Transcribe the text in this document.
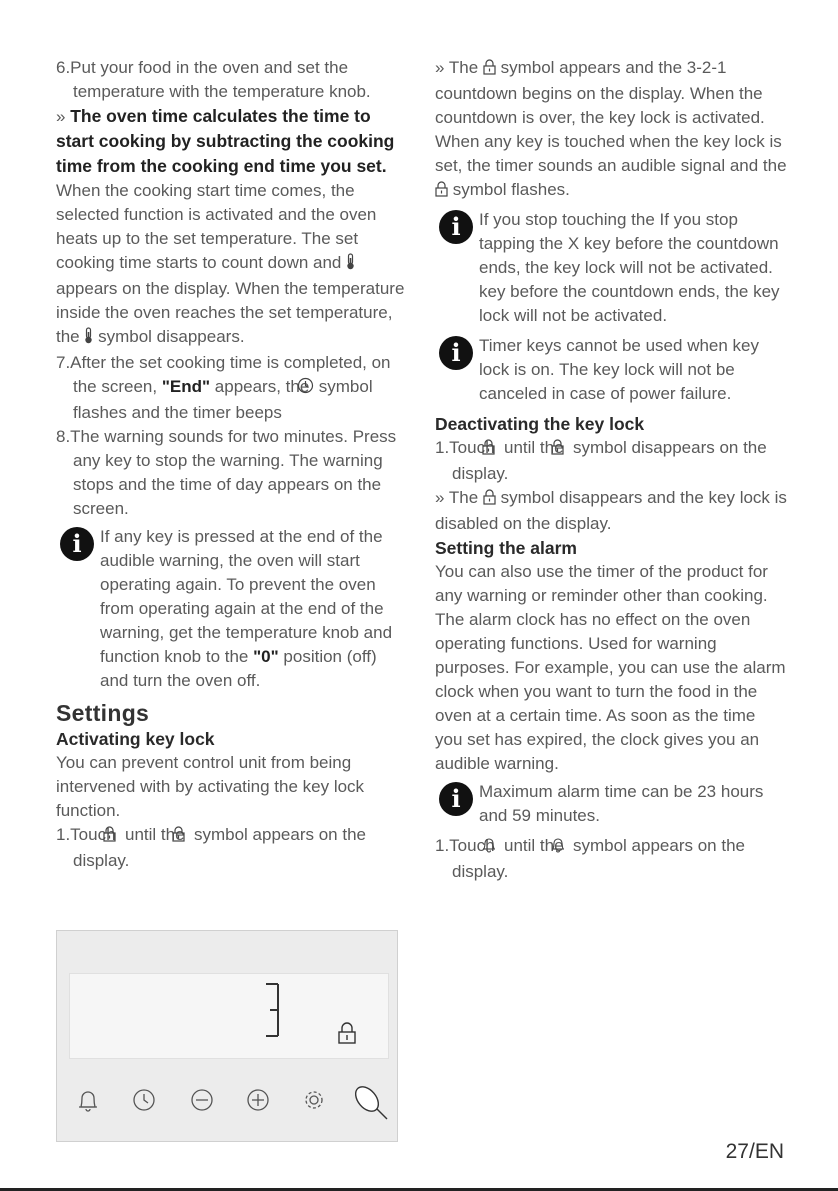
6.Put your food in the oven and set the temperature with the temperature knob.

» The oven time calculates the time to start cooking by subtracting the cooking time from the cooking end time you set. When the cooking start time comes, the selected function is activated and the oven heats up to the set temperature. The set cooking time starts to count down and  appears on the display. When the temperature inside the oven reaches the set temperature, the  symbol disappears.

7.After the set cooking time is completed, on the screen, "End" appears, the  symbol flashes and the timer beeps

8.The warning sounds for two minutes. Press any key to stop the warning. The warning stops and the time of day appears on the screen.

i	If any key is pressed at the end of the audible warning, the oven will start operating again. To prevent the oven from operating again at the end of the warning, get the temperature knob and function knob to the "0" position (off) and turn the oven off.

Settings

Activating key lock

You can prevent control unit from being intervened with by activating the key lock function.

1.Touch  until the  symbol appears on the display.

» The  symbol appears and the 3-2-1 countdown begins on the display. When the countdown is over, the key lock is activated. When any key is touched when the key lock is set, the timer sounds an audible signal and the  symbol flashes.

i	If you stop touching the If you stop tapping the X key before the countdown ends, the key lock will not be activated. key before the countdown ends, the key lock will not be activated.

i	Timer keys cannot be used when key lock is on. The key lock will not be canceled in case of power failure.

Deactivating the key lock

1.Touch  until the  symbol disappears on the display.

» The  symbol disappears and the key lock is disabled on the display.

Setting the alarm

You can also use the timer of the product for any warning or reminder other than cooking.

The alarm clock has no effect on the oven operating functions. Used for warning purposes. For example, you can use the alarm clock when you want to turn the food in the oven at a certain time. As soon as the time you set has expired, the clock gives you an audible warning.

i	Maximum alarm time can be 23 hours and 59 minutes.

1.Touch  until the  symbol appears on the display.

27/EN
